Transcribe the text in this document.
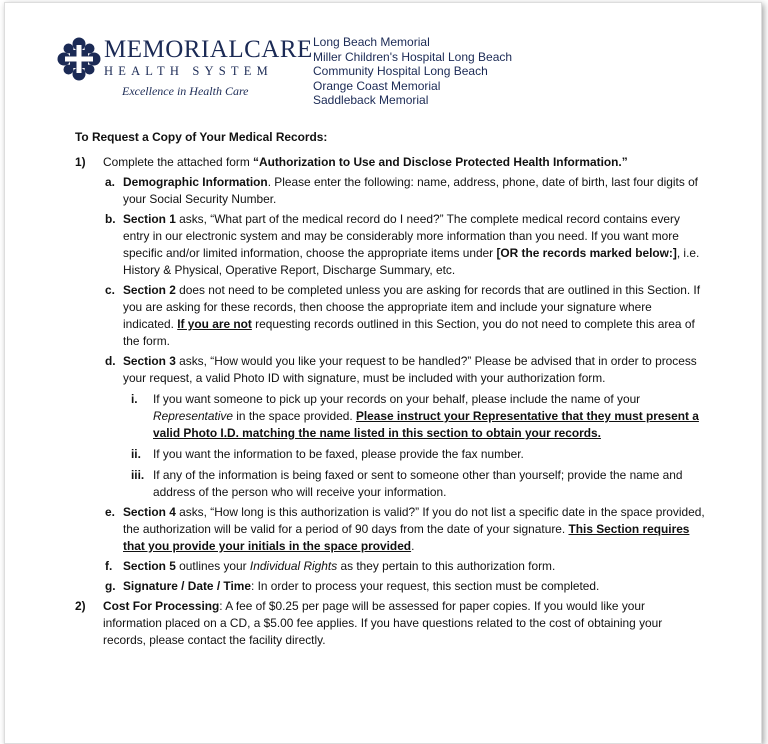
MEMORIALCARE
HEALTH SYSTEM
Excellence in Health Care
Long Beach Memorial
Miller Children's Hospital Long Beach
Community Hospital Long Beach
Orange Coast Memorial
Saddleback Memorial
To Request a Copy of Your Medical Records:
1) Complete the attached form “Authorization to Use and Disclose Protected Health Information.”
a. Demographic Information. Please enter the following: name, address, phone, date of birth, last four digits of your Social Security Number.
b. Section 1 asks, “What part of the medical record do I need?” The complete medical record contains every entry in our electronic system and may be considerably more information than you need. If you want more specific and/or limited information, choose the appropriate items under [OR the records marked below:], i.e. History & Physical, Operative Report, Discharge Summary, etc.
c. Section 2 does not need to be completed unless you are asking for records that are outlined in this Section. If you are asking for these records, then choose the appropriate item and include your signature where indicated. If you are not requesting records outlined in this Section, you do not need to complete this area of the form.
d. Section 3 asks, “How would you like your request to be handled?” Please be advised that in order to process your request, a valid Photo ID with signature, must be included with your authorization form.
i. If you want someone to pick up your records on your behalf, please include the name of your Representative in the space provided. Please instruct your Representative that they must present a valid Photo I.D. matching the name listed in this section to obtain your records.
ii. If you want the information to be faxed, please provide the fax number.
iii. If any of the information is being faxed or sent to someone other than yourself; provide the name and address of the person who will receive your information.
e. Section 4 asks, “How long is this authorization is valid?” If you do not list a specific date in the space provided, the authorization will be valid for a period of 90 days from the date of your signature. This Section requires that you provide your initials in the space provided.
f. Section 5 outlines your Individual Rights as they pertain to this authorization form.
g. Signature / Date / Time: In order to process your request, this section must be completed.
2) Cost For Processing: A fee of $0.25 per page will be assessed for paper copies. If you would like your information placed on a CD, a $5.00 fee applies. If you have questions related to the cost of obtaining your records, please contact the facility directly.
